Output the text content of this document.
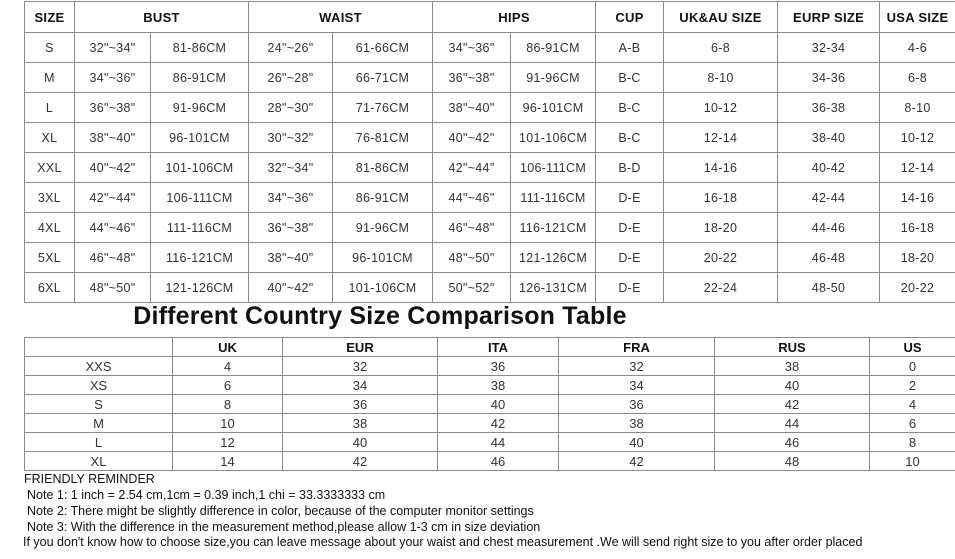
SIZE	BUST		WAIST		HIPS		CUP	UK&AU SIZE	EURP SIZE	USA SIZE
S	32"~34"	81-86CM	24"~26"	61-66CM	34"~36"	86-91CM	A-B	6-8	32-34	4-6
M	34"~36"	86-91CM	26"~28"	66-71CM	36"~38"	91-96CM	B-C	8-10	34-36	6-8
L	36"~38"	91-96CM	28"~30"	71-76CM	38"~40"	96-101CM	B-C	10-12	36-38	8-10
XL	38"~40"	96-101CM	30"~32"	76-81CM	40"~42"	101-106CM	B-C	12-14	38-40	10-12
XXL	40"~42"	101-106CM	32"~34"	81-86CM	42"~44"	106-111CM	B-D	14-16	40-42	12-14
3XL	42"~44"	106-111CM	34"~36"	86-91CM	44"~46"	111-116CM	D-E	16-18	42-44	14-16
4XL	44"~46"	111-116CM	36"~38"	91-96CM	46"~48"	116-121CM	D-E	18-20	44-46	16-18
5XL	46"~48"	116-121CM	38"~40"	96-101CM	48"~50"	121-126CM	D-E	20-22	46-48	18-20
6XL	48"~50"	121-126CM	40"~42"	101-106CM	50"~52"	126-131CM	D-E	22-24	48-50	20-22
Different Country Size Comparison Table
	UK	EUR	ITA	FRA	RUS	US
XXS	4	32	36	32	38	0
XS	6	34	38	34	40	2
S	8	36	40	36	42	4
M	10	38	42	38	44	6
L	12	40	44	40	46	8
XL	14	42	46	42	48	10
FRIENDLY REMINDER
Note 1: 1 inch = 2.54 cm,1cm = 0.39 inch,1 chi = 33.3333333 cm
Note 2: There might be slightly difference in color, because of the computer monitor settings
Note 3: With the difference in the measurement method,please allow 1-3 cm in size deviation
If you don't know how to choose size,you can leave message about your waist and chest measurement .We will send right size to you after order placed
